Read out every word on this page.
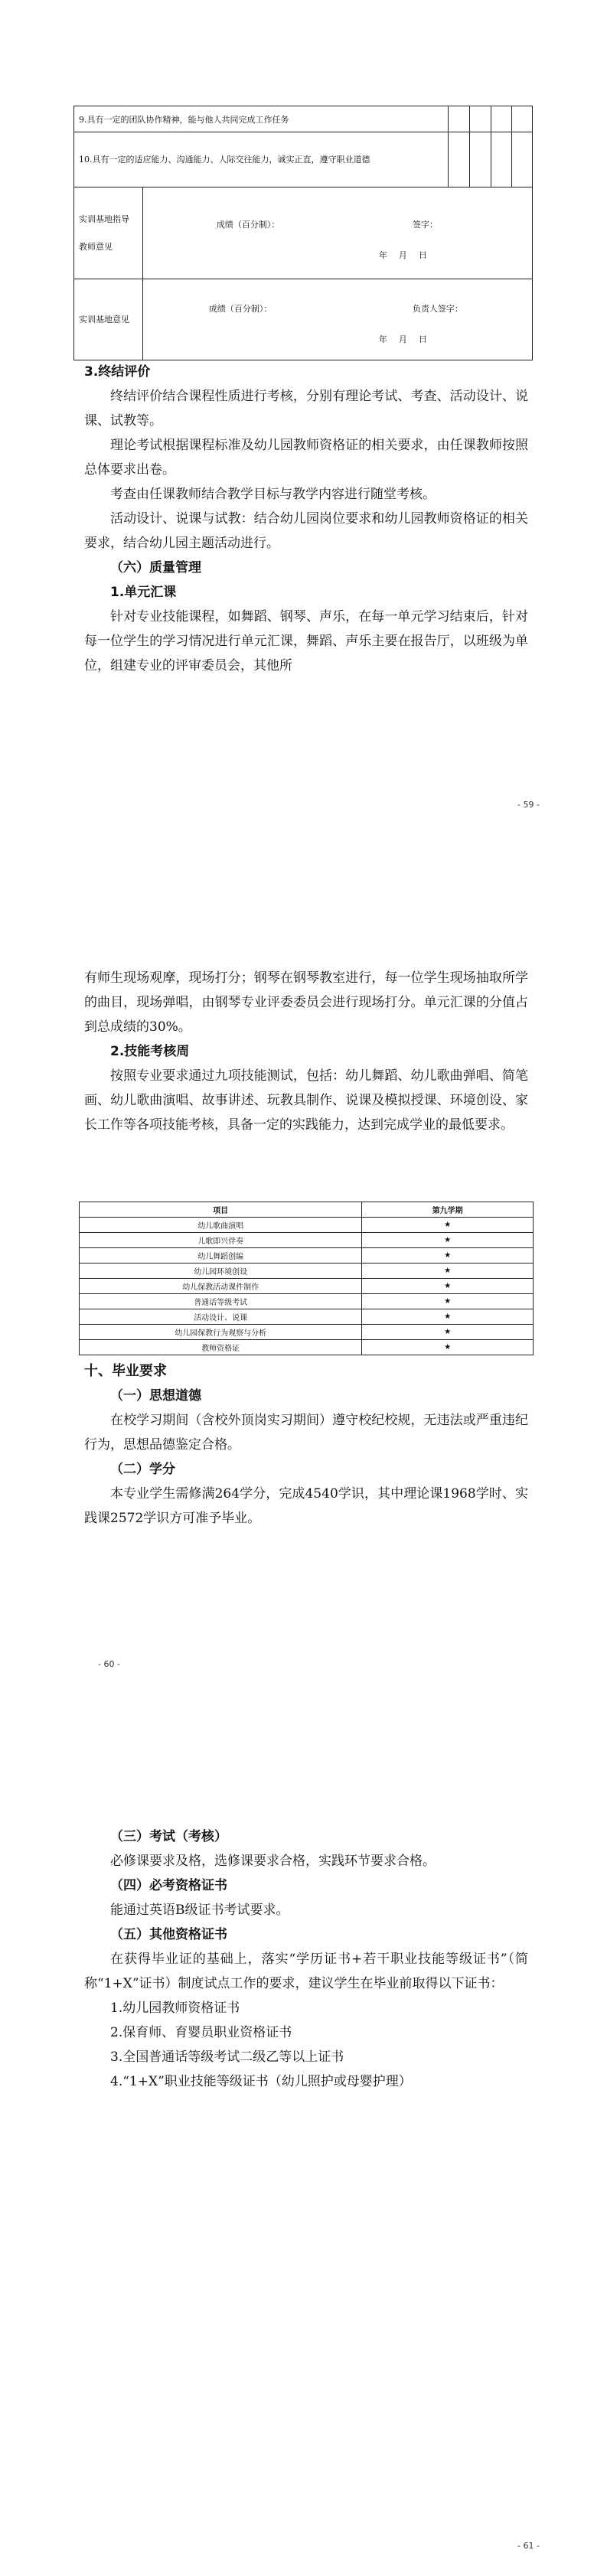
9.具有一定的团队协作精神，能与他人共同完成工作任务					
10.具有一定的适应能力、沟通能力、人际交往能力，诚实正直，遵守职业道德					
实训基地指导教师意见	成绩（百分制）： 签字：
年　月　日				

实训基地意见	成绩（百分制）： 负责人签字：
年　月　日				

3.终结评价

终结评价结合课程性质进行考核，分别有理论考试、考查、活动设计、说课、试教等。

理论考试根据课程标准及幼儿园教师资格证的相关要求，由任课教师按照总体要求出卷。

考查由任课教师结合教学目标与教学内容进行随堂考核。

活动设计、说课与试教：结合幼儿园岗位要求和幼儿园教师资格证的相关要求，结合幼儿园主题活动进行。

（六）质量管理

1.单元汇课

针对专业技能课程，如舞蹈、钢琴、声乐，在每一单元学习结束后，针对每一位学生的学习情况进行单元汇课，舞蹈、声乐主要在报告厅，以班级为单位，组建专业的评审委员会，其他所

- 59 -

有师生现场观摩，现场打分；钢琴在钢琴教室进行，每一位学生现场抽取所学的曲目，现场弹唱，由钢琴专业评委委员会进行现场打分。单元汇课的分值占到总成绩的30%。

2.技能考核周

按照专业要求通过九项技能测试，包括：幼儿舞蹈、幼儿歌曲弹唱、简笔画、幼儿歌曲演唱、故事讲述、玩教具制作、说课及模拟授课、环境创设、家长工作等各项技能考核，具备一定的实践能力，达到完成学业的最低要求。

项目	第九学期
幼儿歌曲演唱	★
儿歌即兴伴奏	★
幼儿舞蹈创编	★
幼儿园环境创设	★
幼儿保教活动课件制作	★
普通话等级考试	★
活动设计、说课	★
幼儿园保教行为观察与分析	★
教师资格证	★

十、毕业要求

（一）思想道德

在校学习期间（含校外顶岗实习期间）遵守校纪校规，无违法或严重违纪行为，思想品德鉴定合格。

（二）学分

本专业学生需修满264学分，完成4540学识，其中理论课1968学时、实践课2572学识方可准予毕业。

- 60 -

（三）考试（考核）

必修课要求及格，选修课要求合格，实践环节要求合格。

（四）必考资格证书

能通过英语B级证书考试要求。

（五）其他资格证书

在获得毕业证的基础上，落实“学历证书+若干职业技能等级证书”（简称“1+X”证书）制度试点工作的要求，建议学生在毕业前取得以下证书：

1.幼儿园教师资格证书

2.保育师、育婴员职业资格证书

3.全国普通话等级考试二级乙等以上证书

4.“1+X”职业技能等级证书（幼儿照护或母婴护理）

- 61 -
